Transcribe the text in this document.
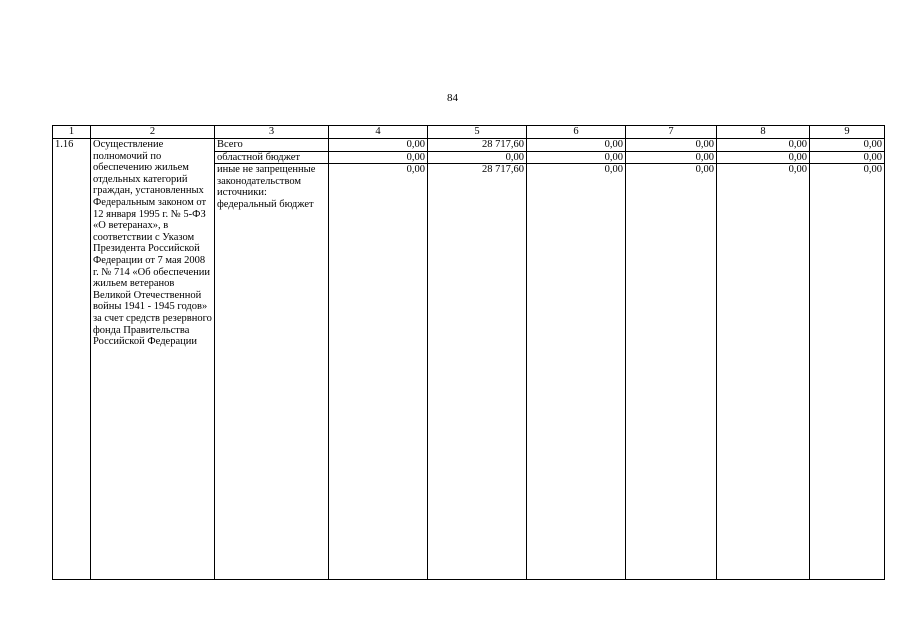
84
1	2	3	4	5	6	7	8	9
1.16	Осуществление полномочий по обеспечению жильем отдельных категорий граждан, установленных Федеральным законом от 12 января 1995 г. № 5-ФЗ «О ветеранах», в соответствии с Указом Президента Российской Федерации от 7 мая 2008 г. № 714 «Об обеспечении жильем ветеранов Великой Отечественной войны 1941 - 1945 годов» за счет средств резервного фонда Правительства Российской Федерации	Всего	0,00	28 717,60	0,00	0,00	0,00	0,00
		областной бюджет	0,00	0,00	0,00	0,00	0,00	0,00
		иные не запрещенные законодательством источники: федеральный бюджет	0,00	28 717,60	0,00	0,00	0,00	0,00
